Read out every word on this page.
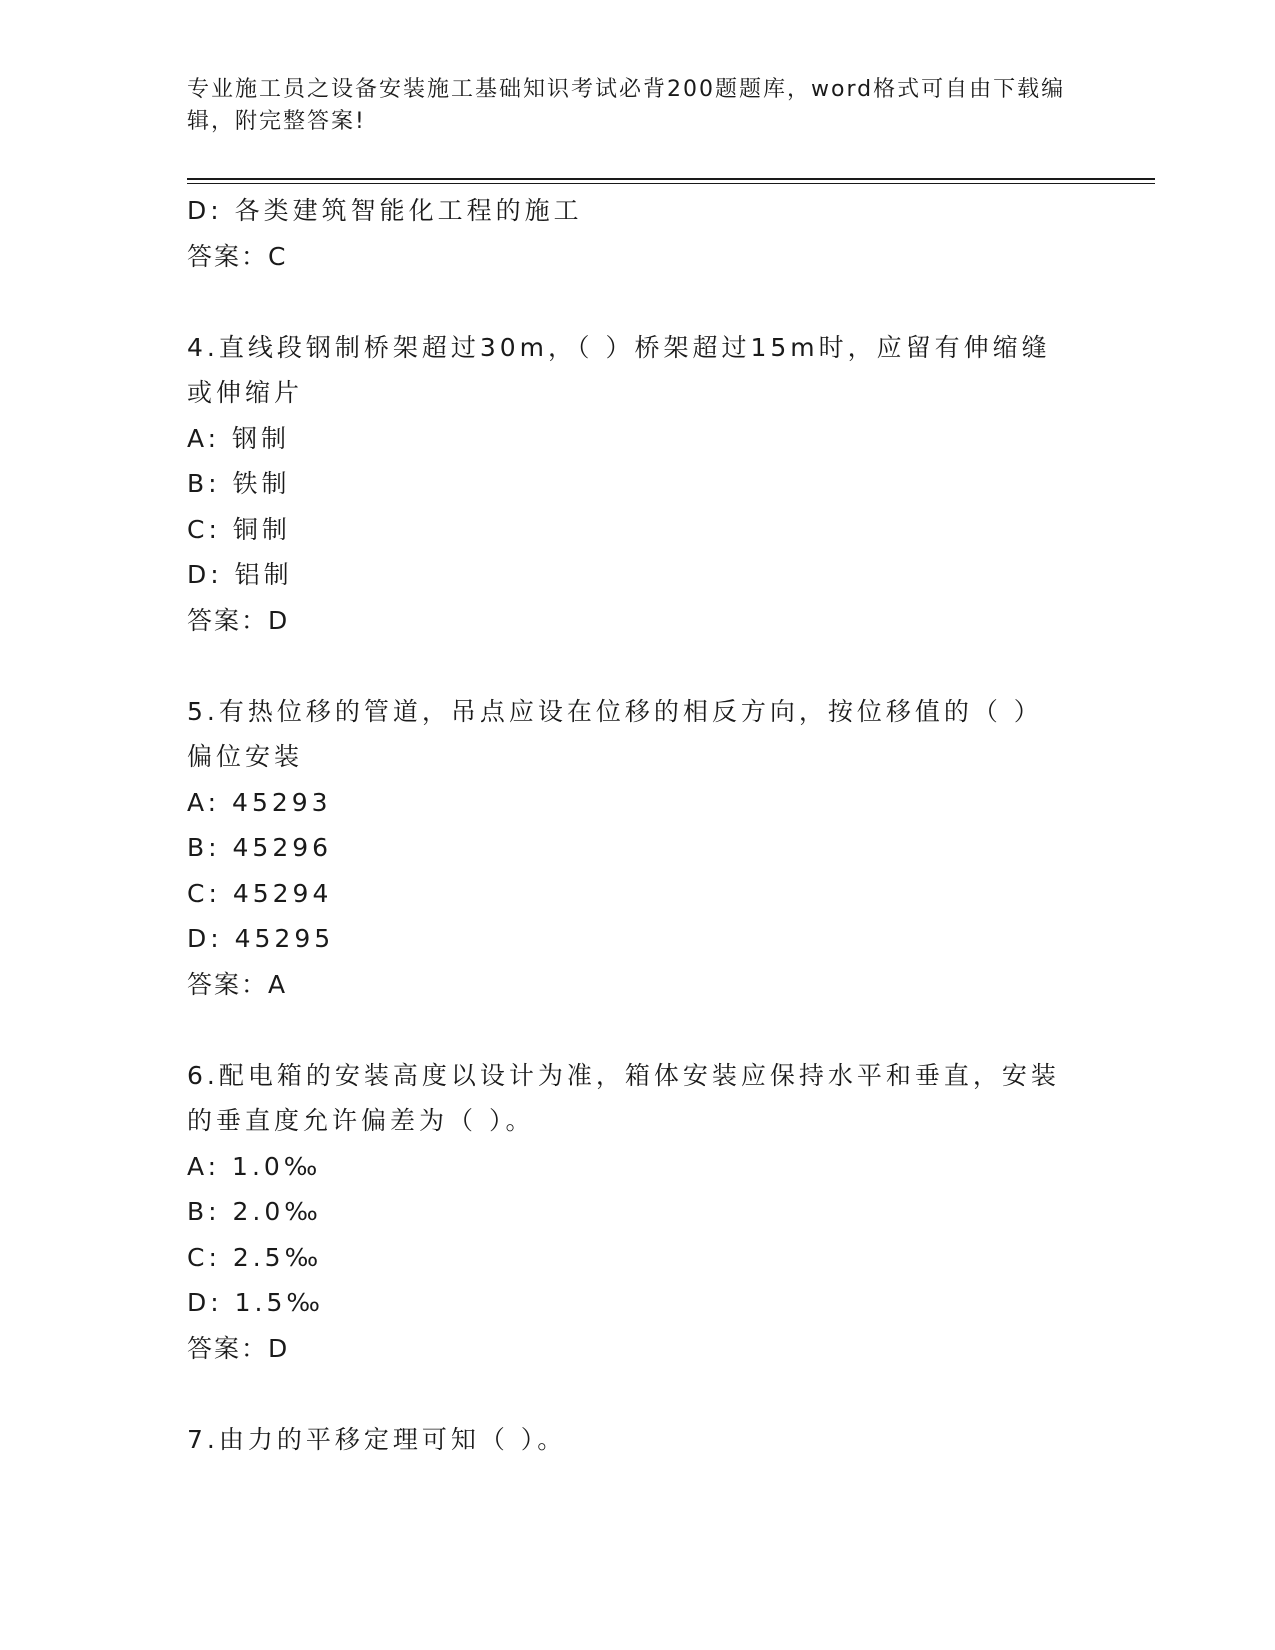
专业施工员之设备安装施工基础知识考试必背200题题库，word格式可自由下载编辑，附完整答案!
D: 各类建筑智能化工程的施工
答案：C
4.直线段钢制桥架超过30m，（ ）桥架超过15m时，应留有伸缩缝或伸缩片
A: 钢制
B: 铁制
C: 铜制
D: 铝制
答案：D
5.有热位移的管道，吊点应设在位移的相反方向，按位移值的（ ）偏位安装
A: 45293
B: 45296
C: 45294
D: 45295
答案：A
6.配电箱的安装高度以设计为准，箱体安装应保持水平和垂直，安装的垂直度允许偏差为（ ）。
A: 1.0‰
B: 2.0‰
C: 2.5‰
D: 1.5‰
答案：D
7.由力的平移定理可知（ ）。
